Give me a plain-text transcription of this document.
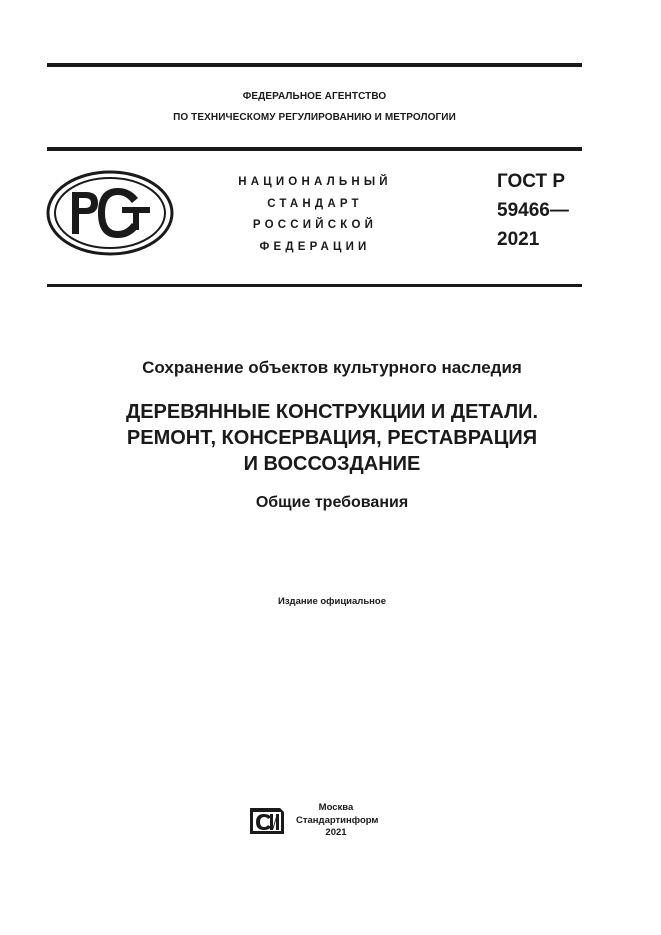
ФЕДЕРАЛЬНОЕ АГЕНТСТВО
ПО ТЕХНИЧЕСКОМУ РЕГУЛИРОВАНИЮ И МЕТРОЛОГИИ
НАЦИОНАЛЬНЫЙ
СТАНДАРТ
РОССИЙСКОЙ
ФЕДЕРАЦИИ
ГОСТ Р
59466—
2021
Сохранение объектов культурного наследия
ДЕРЕВЯННЫЕ КОНСТРУКЦИИ И ДЕТАЛИ.
РЕМОНТ, КОНСЕРВАЦИЯ, РЕСТАВРАЦИЯ
И ВОССОЗДАНИЕ
Общие требования
Издание официальное
Москва
Стандартинформ
2021
